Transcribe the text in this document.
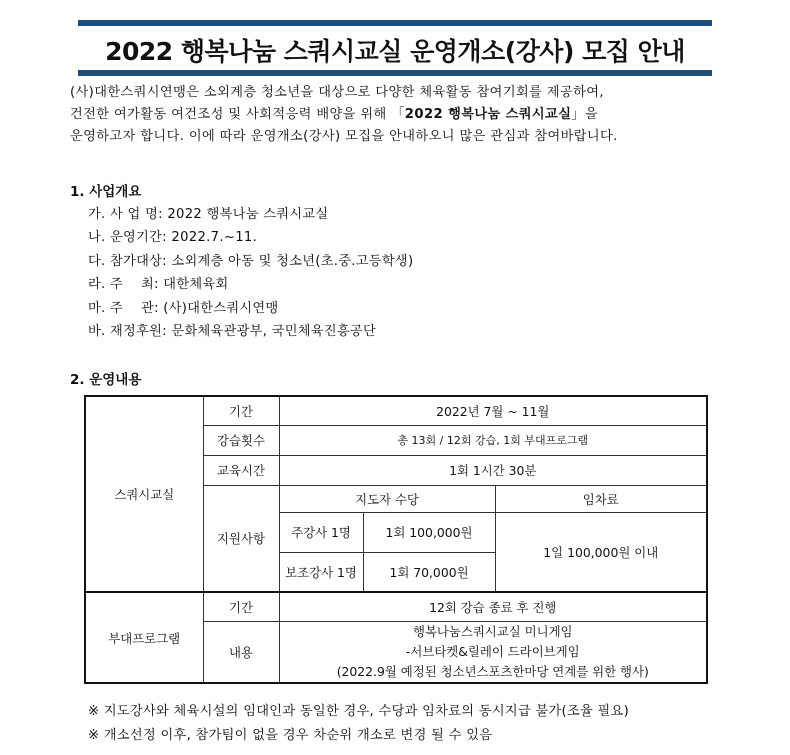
2022 행복나눔 스쿼시교실 운영개소(강사) 모집 안내

(사)대한스쿼시연맹은 소외계층 청소년을 대상으로 다양한 체육활동 참여기회를 제공하여,

건전한 여가활동 여건조성 및 사회적응력 배양을 위해 「2022 행복나눔 스쿼시교실」을

운영하고자 합니다. 이에 따라 운영개소(강사) 모집을 안내하오니 많은 관심과 참여바랍니다.

1. 사업개요
가. 사 업 명: 2022 행복나눔 스쿼시교실
나. 운영기간: 2022.7.~11.
다. 참가대상: 소외계층 아동 및 청소년(초.중.고등학생)
라. 주    최: 대한체육회
마. 주    관: (사)대한스쿼시연맹
바. 재정후원: 문화체육관광부, 국민체육진흥공단
2. 운영내용
스쿼시교실	기간	2022년 7월 ~ 11월		
	강습횟수	총 13회 / 12회 강습, 1회 부대프로그램		
	교육시간	1회 1시간 30분		
	지원사항	지도자 수당		임차료
		주강사 1명	1회 100,000원	1일 100,000원 이내
		보조강사 1명	1회 70,000원	
부대프로그램	기간	12회 강습 종료 후 진행		
	내용	행복나눔스쿼시교실 미니게임
-서브타켓&릴레이 드라이브게임
(2022.9월 예정된 청소년스포츠한마당 연계를 위한 행사)		
※ 지도강사와 체육시설의 임대인과 동일한 경우, 수당과 임차료의 동시지급 불가(조율 필요)
※ 개소선정 이후, 참가팀이 없을 경우 차순위 개소로 변경 될 수 있음
